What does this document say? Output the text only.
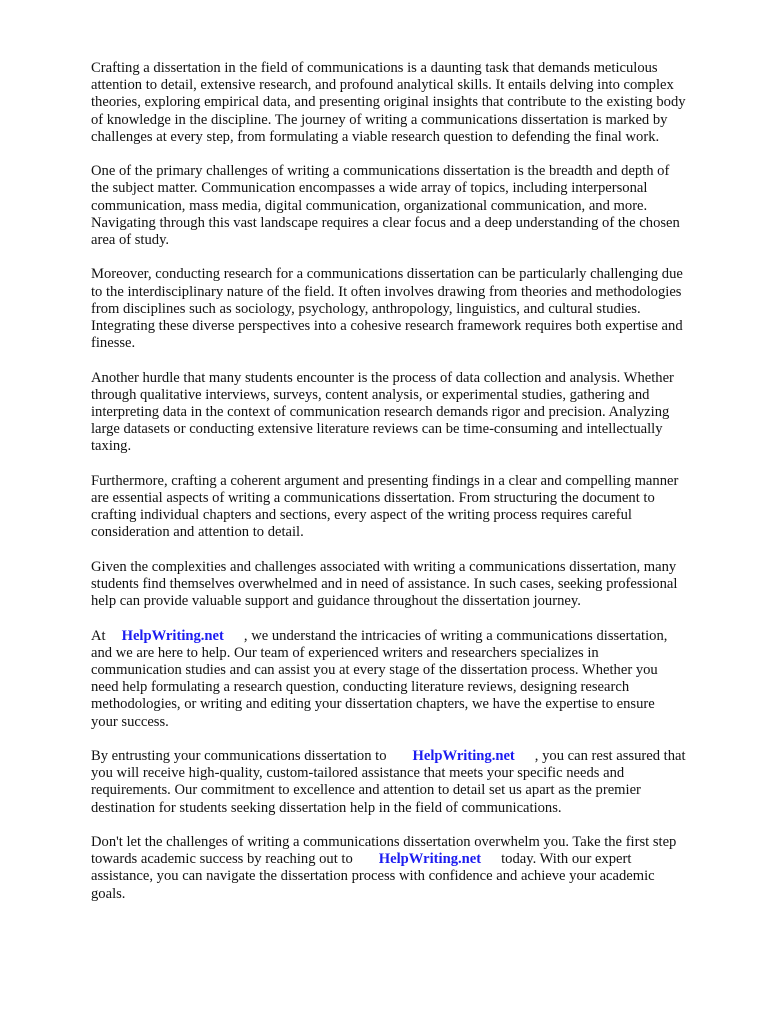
Crafting a dissertation in the field of communications is a daunting task that demands meticulous
attention to detail, extensive research, and profound analytical skills. It entails delving into complex
theories, exploring empirical data, and presenting original insights that contribute to the existing body
of knowledge in the discipline. The journey of writing a communications dissertation is marked by
challenges at every step, from formulating a viable research question to defending the final work.

One of the primary challenges of writing a communications dissertation is the breadth and depth of
the subject matter. Communication encompasses a wide array of topics, including interpersonal
communication, mass media, digital communication, organizational communication, and more.
Navigating through this vast landscape requires a clear focus and a deep understanding of the chosen
area of study.

Moreover, conducting research for a communications dissertation can be particularly challenging due
to the interdisciplinary nature of the field. It often involves drawing from theories and methodologies
from disciplines such as sociology, psychology, anthropology, linguistics, and cultural studies.
Integrating these diverse perspectives into a cohesive research framework requires both expertise and
finesse.

Another hurdle that many students encounter is the process of data collection and analysis. Whether
through qualitative interviews, surveys, content analysis, or experimental studies, gathering and
interpreting data in the context of communication research demands rigor and precision. Analyzing
large datasets or conducting extensive literature reviews can be time-consuming and intellectually
taxing.

Furthermore, crafting a coherent argument and presenting findings in a clear and compelling manner
are essential aspects of writing a communications dissertation. From structuring the document to
crafting individual chapters and sections, every aspect of the writing process requires careful
consideration and attention to detail.

Given the complexities and challenges associated with writing a communications dissertation, many
students find themselves overwhelmed and in need of assistance. In such cases, seeking professional
help can provide valuable support and guidance throughout the dissertation journey.

At HelpWriting.net , we understand the intricacies of writing a communications dissertation,
and we are here to help. Our team of experienced writers and researchers specializes in
communication studies and can assist you at every stage of the dissertation process. Whether you
need help formulating a research question, conducting literature reviews, designing research
methodologies, or writing and editing your dissertation chapters, we have the expertise to ensure
your success.

By entrusting your communications dissertation to HelpWriting.net , you can rest assured that
you will receive high-quality, custom-tailored assistance that meets your specific needs and
requirements. Our commitment to excellence and attention to detail set us apart as the premier
destination for students seeking dissertation help in the field of communications.

Don't let the challenges of writing a communications dissertation overwhelm you. Take the first step
towards academic success by reaching out to HelpWriting.net today. With our expert
assistance, you can navigate the dissertation process with confidence and achieve your academic
goals.
